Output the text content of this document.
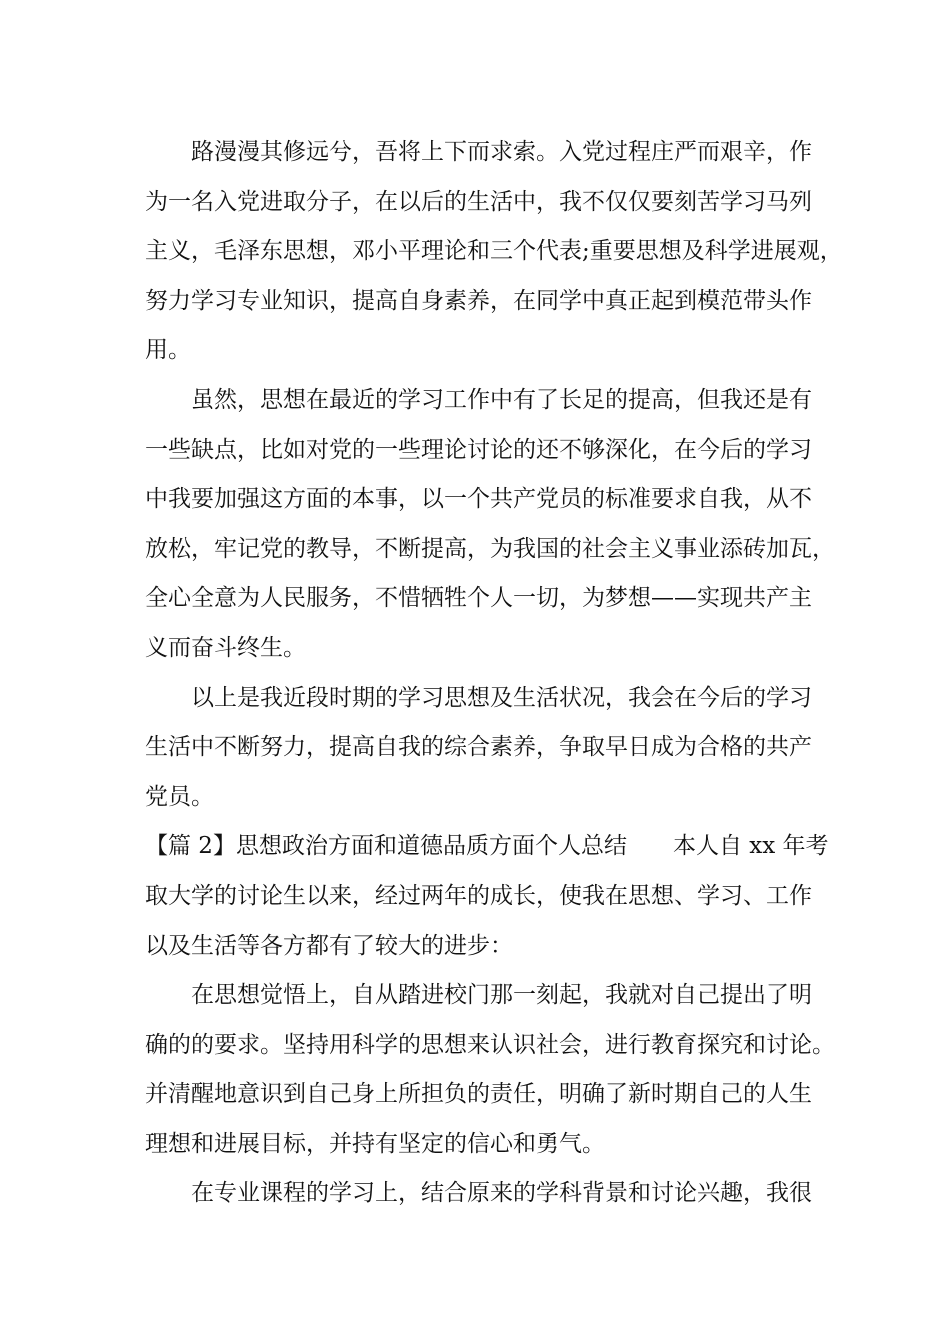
路漫漫其修远兮，吾将上下而求索。入党过程庄严而艰辛，作
为一名入党进取分子，在以后的生活中，我不仅仅要刻苦学习马列
主义，毛泽东思想，邓小平理论和三个代表;重要思想及科学进展观，
努力学习专业知识，提高自身素养，在同学中真正起到模范带头作
用。
虽然，思想在最近的学习工作中有了长足的提高，但我还是有
一些缺点，比如对党的一些理论讨论的还不够深化，在今后的学习
中我要加强这方面的本事，以一个共产党员的标准要求自我，从不
放松，牢记党的教导，不断提高，为我国的社会主义事业添砖加瓦，
全心全意为人民服务，不惜牺牲个人一切，为梦想——实现共产主
义而奋斗终生。
以上是我近段时期的学习思想及生活状况，我会在今后的学习
生活中不断努力，提高自我的综合素养，争取早日成为合格的共产
党员。
【篇 2】思想政治方面和道德品质方面个人总结　　本人自 xx 年考
取大学的讨论生以来，经过两年的成长，使我在思想、学习、工作
以及生活等各方都有了较大的进步：
在思想觉悟上，自从踏进校门那一刻起，我就对自己提出了明
确的的要求。坚持用科学的思想来认识社会，进行教育探究和讨论。
并清醒地意识到自己身上所担负的责任，明确了新时期自己的人生
理想和进展目标，并持有坚定的信心和勇气。
在专业课程的学习上，结合原来的学科背景和讨论兴趣，我很
